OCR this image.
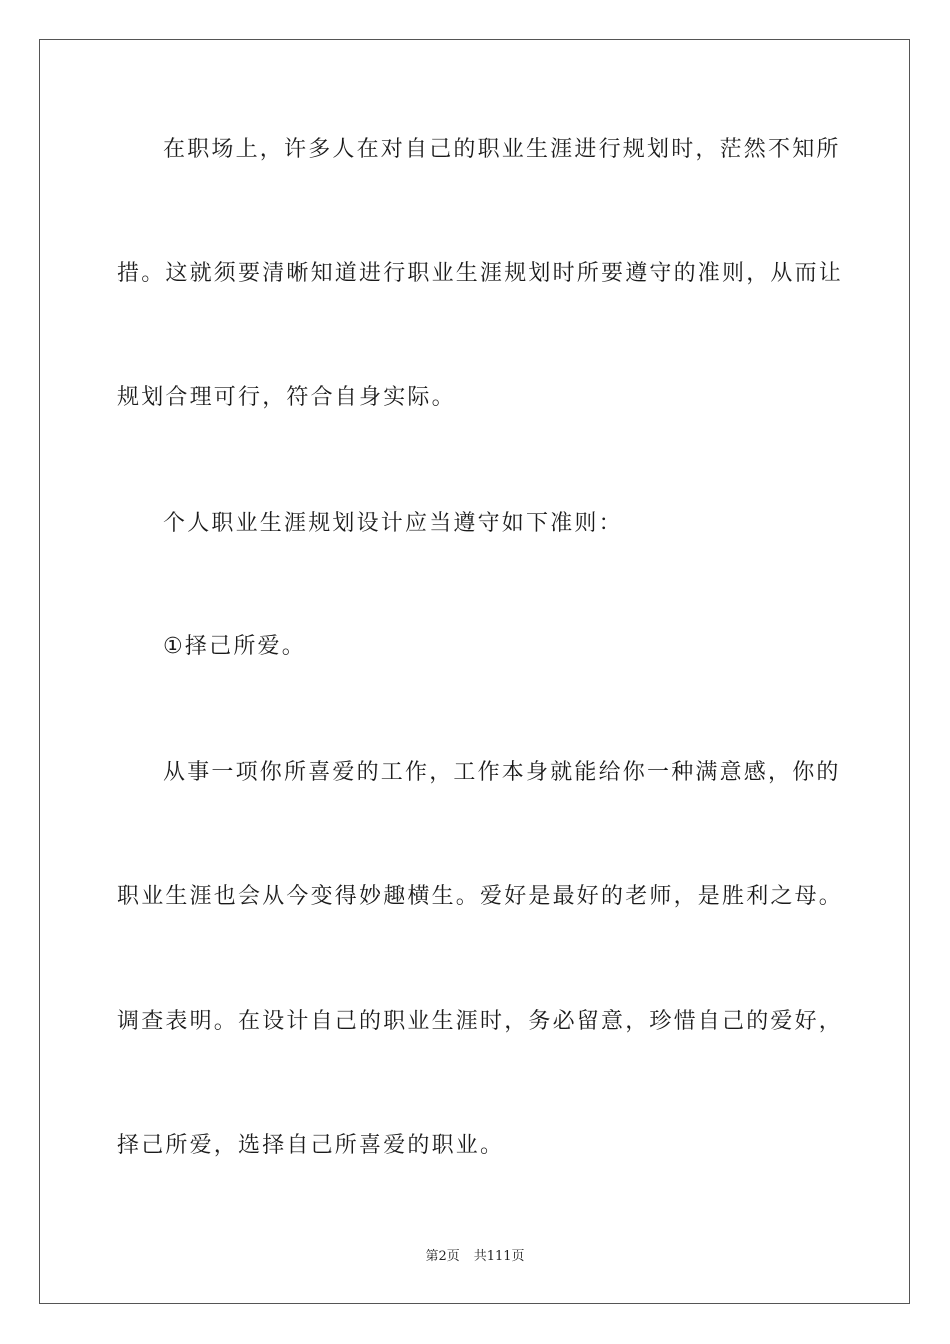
在职场上，许多人在对自己的职业生涯进行规划时，茫然不知所

措。这就须要清晰知道进行职业生涯规划时所要遵守的准则，从而让

规划合理可行，符合自身实际。

个人职业生涯规划设计应当遵守如下准则：

①择己所爱。

从事一项你所喜爱的工作，工作本身就能给你一种满意感，你的

职业生涯也会从今变得妙趣横生。爱好是最好的老师，是胜利之母。

调查表明。在设计自己的职业生涯时，务必留意，珍惜自己的爱好，

择己所爱，选择自己所喜爱的职业。

第2页 共111页
